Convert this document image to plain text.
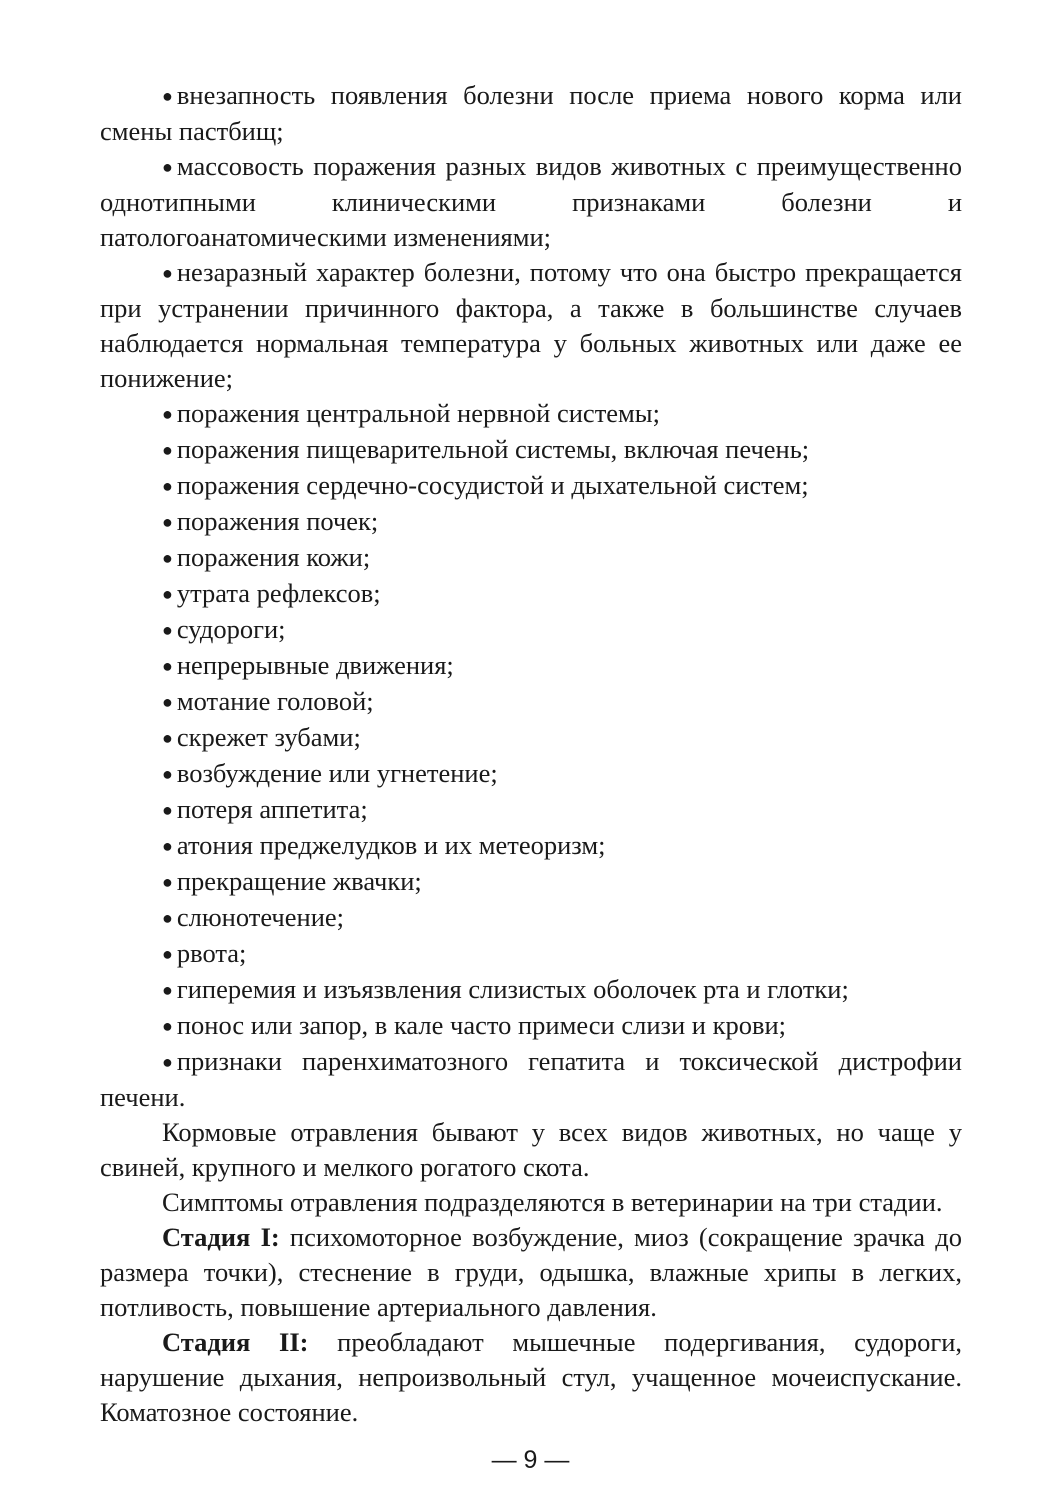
● внезапность появления болезни после приема нового корма или смены пастбищ;

● массовость поражения разных видов животных с преимущественно однотипными клиническими признаками болезни и патологоанатомическими изменениями;

● незаразный характер болезни, потому что она быстро прекращается при устранении причинного фактора, а также в большинстве случаев наблюдается нормальная температура у больных животных или даже ее понижение;

● поражения центральной нервной системы;

● поражения пищеварительной системы, включая печень;

● поражения сердечно-сосудистой и дыхательной систем;

● поражения почек;

● поражения кожи;

● утрата рефлексов;

● судороги;

● непрерывные движения;

● мотание головой;

● скрежет зубами;

● возбуждение или угнетение;

● потеря аппетита;

● атония преджелудков и их метеоризм;

● прекращение жвачки;

● слюнотечение;

● рвота;

● гиперемия и изъязвления слизистых оболочек рта и глотки;

● понос или запор, в кале часто примеси слизи и крови;

● признаки паренхиматозного гепатита и токсической дистрофии печени.

Кормовые отравления бывают у всех видов животных, но чаще у свиней, крупного и мелкого рогатого скота.

Симптомы отравления подразделяются в ветеринарии на три стадии.

Стадия I: психомоторное возбуждение, миоз (сокращение зрачка до размера точки), стеснение в груди, одышка, влажные хрипы в легких, потливость, повышение артериального давления.

Стадия II: преобладают мышечные подергивания, судороги, нарушение дыхания, непроизвольный стул, учащенное мочеиспускание. Коматозное состояние.

— 9 —
